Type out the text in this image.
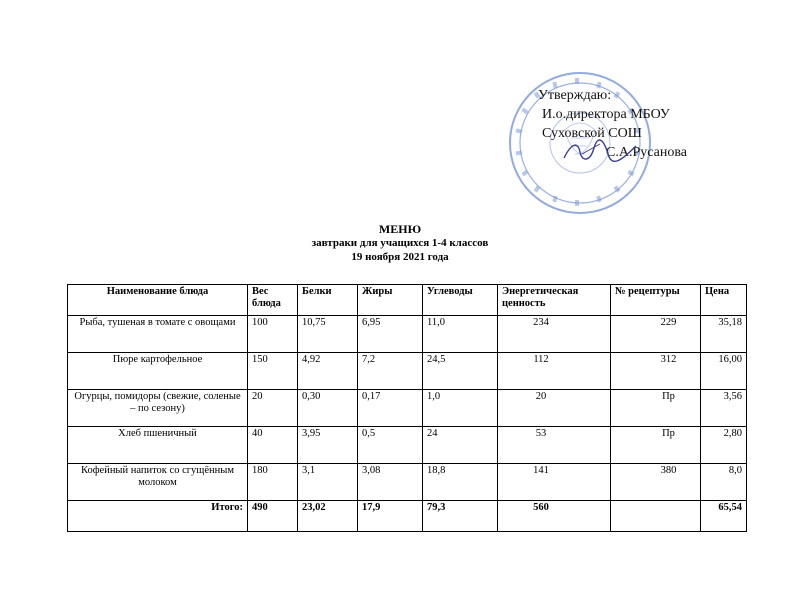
Утверждаю:
И.о.директора МБОУ
Суховской СОШ
С.А.Русанова
МЕНЮ
завтраки для учащихся 1-4 классов
19 ноября 2021 года
Наименование блюда	Вес блюда	Белки	Жиры	Углеводы	Энергетическая ценность	№ рецептуры	Цена
Рыба, тушеная в томате с овощами	100	10,75	6,95	11,0	234	229	35,18
Пюре картофельное	150	4,92	7,2	24,5	112	312	16,00
Огурцы, помидоры (свежие, соленые – по сезону)	20	0,30	0,17	1,0	20	Пр	3,56
Хлеб пшеничный	40	3,95	0,5	24	53	Пр	2,80
Кофейный напиток со сгущённым молоком	180	3,1	3,08	18,8	141	380	8,0
Итого:	490	23,02	17,9	79,3	560		65,54
